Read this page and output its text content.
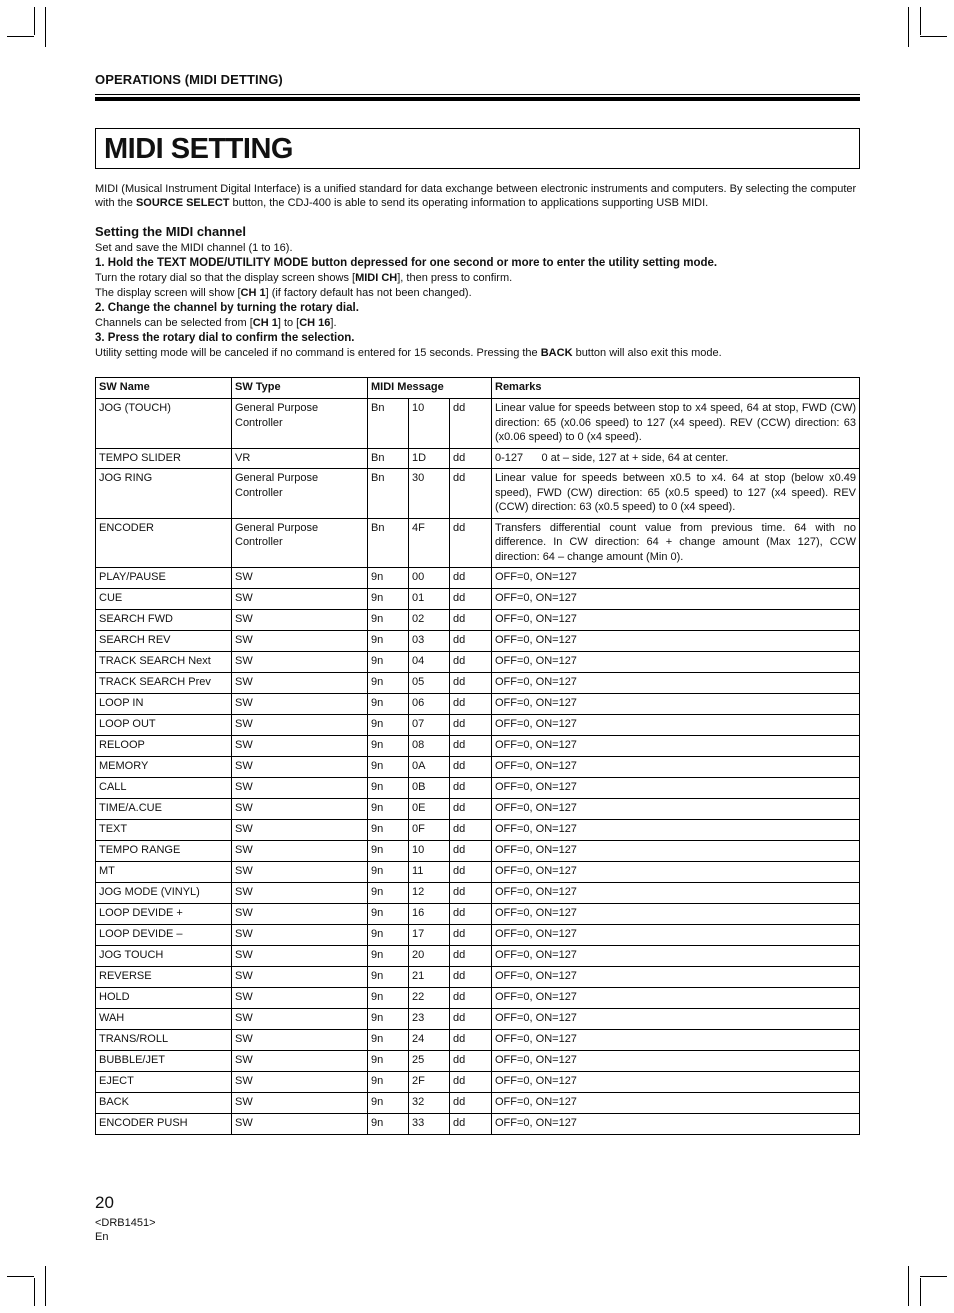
OPERATIONS (MIDI DETTING)
MIDI SETTING
MIDI (Musical Instrument Digital Interface) is a unified standard for data exchange between electronic instruments and computers. By selecting the computer with the SOURCE SELECT button, the CDJ-400 is able to send its operating information to applications supporting USB MIDI.
Setting the MIDI channel

Set and save the MIDI channel (1 to 16).

1. Hold the TEXT MODE/UTILITY MODE button depressed for one second or more to enter the utility setting mode.

Turn the rotary dial so that the display screen shows [MIDI CH], then press to confirm.

The display screen will show [CH 1] (if factory default has not been changed).

2. Change the channel by turning the rotary dial.

Channels can be selected from [CH 1] to [CH 16].

3. Press the rotary dial to confirm the selection.

Utility setting mode will be canceled if no command is entered for 15 seconds. Pressing the BACK button will also exit this mode.

SW Name	SW Type	MIDI Message			Remarks
JOG (TOUCH)	General Purpose Controller	Bn	10	dd	Linear value for speeds between stop to x4 speed, 64 at stop, FWD (CW) direction: 65 (x0.06 speed) to 127 (x4 speed). REV (CCW) direction: 63 (x0.06 speed) to 0 (x4 speed).
TEMPO SLIDER	VR	Bn	1D	dd	0-127      0 at – side, 127 at + side, 64 at center.
JOG RING	General Purpose Controller	Bn	30	dd	Linear value for speeds between x0.5 to x4. 64 at stop (below x0.49 speed), FWD (CW) direction: 65 (x0.5 speed) to 127 (x4 speed). REV (CCW) direction: 63 (x0.5 speed) to 0 (x4 speed).
ENCODER	General Purpose Controller	Bn	4F	dd	Transfers differential count value from previous time. 64 with no difference. In CW direction: 64 + change amount (Max 127), CCW direction: 64 – change amount (Min 0).
PLAY/PAUSE	SW	9n	00	dd	OFF=0, ON=127
CUE	SW	9n	01	dd	OFF=0, ON=127
SEARCH FWD	SW	9n	02	dd	OFF=0, ON=127
SEARCH REV	SW	9n	03	dd	OFF=0, ON=127
TRACK SEARCH Next	SW	9n	04	dd	OFF=0, ON=127
TRACK SEARCH Prev	SW	9n	05	dd	OFF=0, ON=127
LOOP IN	SW	9n	06	dd	OFF=0, ON=127
LOOP OUT	SW	9n	07	dd	OFF=0, ON=127
RELOOP	SW	9n	08	dd	OFF=0, ON=127
MEMORY	SW	9n	0A	dd	OFF=0, ON=127
CALL	SW	9n	0B	dd	OFF=0, ON=127
TIME/A.CUE	SW	9n	0E	dd	OFF=0, ON=127
TEXT	SW	9n	0F	dd	OFF=0, ON=127
TEMPO RANGE	SW	9n	10	dd	OFF=0, ON=127
MT	SW	9n	11	dd	OFF=0, ON=127
JOG MODE (VINYL)	SW	9n	12	dd	OFF=0, ON=127
LOOP DEVIDE +	SW	9n	16	dd	OFF=0, ON=127
LOOP DEVIDE –	SW	9n	17	dd	OFF=0, ON=127
JOG TOUCH	SW	9n	20	dd	OFF=0, ON=127
REVERSE	SW	9n	21	dd	OFF=0, ON=127
HOLD	SW	9n	22	dd	OFF=0, ON=127
WAH	SW	9n	23	dd	OFF=0, ON=127
TRANS/ROLL	SW	9n	24	dd	OFF=0, ON=127
BUBBLE/JET	SW	9n	25	dd	OFF=0, ON=127
EJECT	SW	9n	2F	dd	OFF=0, ON=127
BACK	SW	9n	32	dd	OFF=0, ON=127
ENCODER PUSH	SW	9n	33	dd	OFF=0, ON=127
20
<DRB1451>
En
